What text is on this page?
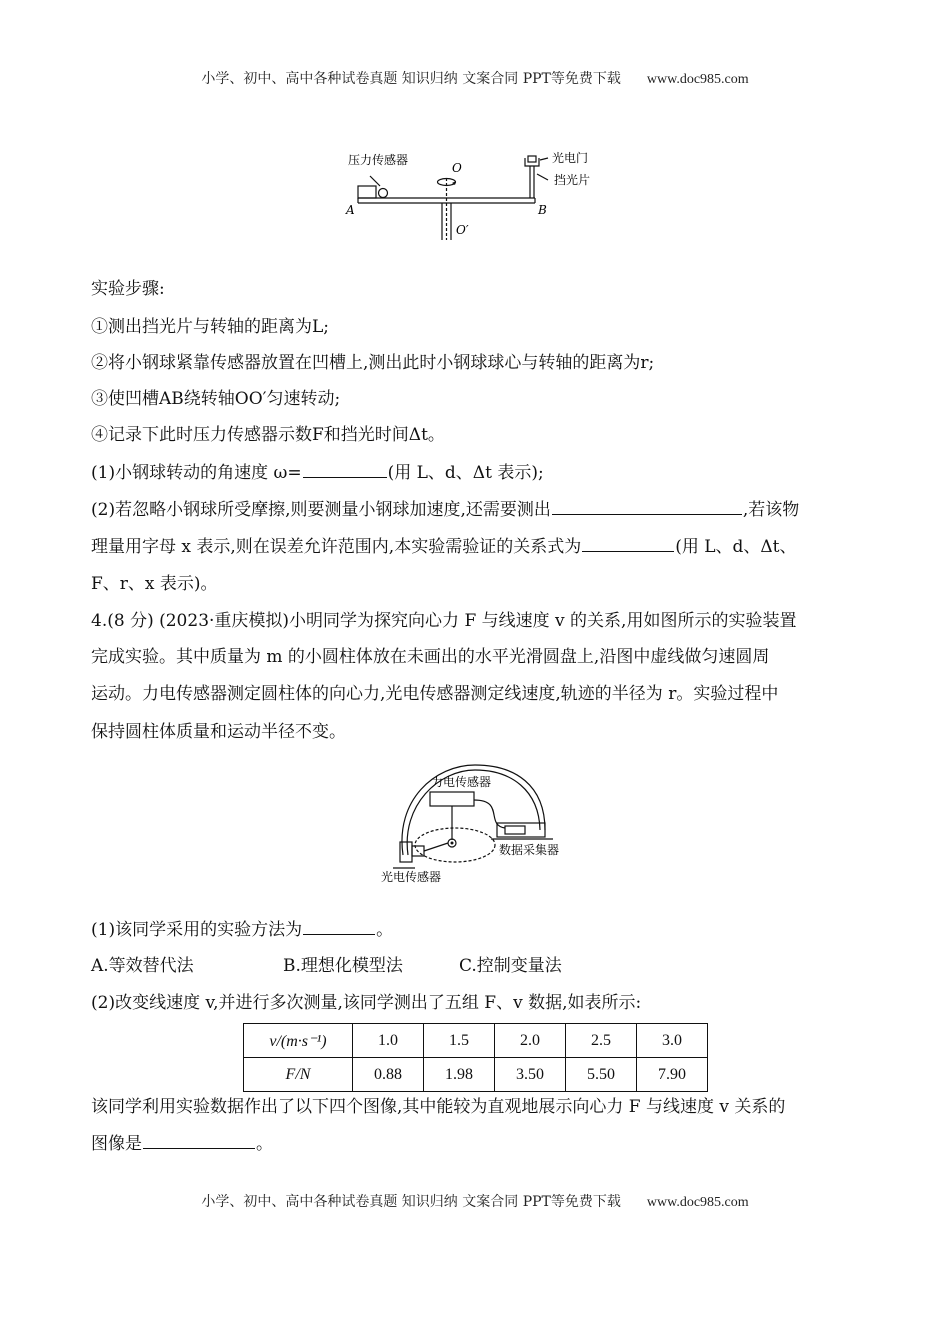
小学、初中、高中各种试卷真题 知识归纳 文案合同 PPT等免费下载 www.doc985.com
压力传感器	光电门
挡光片
O
O′
A	B
实验步骤:
①测出挡光片与转轴的距离为L;
②将小钢球紧靠传感器放置在凹槽上,测出此时小钢球球心与转轴的距离为r;
③使凹槽AB绕转轴OO′匀速转动;
④记录下此时压力传感器示数F和挡光时间Δt。
(1)小钢球转动的角速度 ω=	(用 L、d、Δt 表示);
(2)若忽略小钢球所受摩擦,则要测量小钢球加速度,还需要测出	,若该物
理量用字母 x 表示,则在误差允许范围内,本实验需验证的关系式为	(用 L、d、Δt、
F、r、x 表示)。
4.(8 分) (2023·重庆模拟)小明同学为探究向心力 F 与线速度 v 的关系,用如图所示的实验装置
完成实验。其中质量为 m 的小圆柱体放在未画出的水平光滑圆盘上,沿图中虚线做匀速圆周
运动。力电传感器测定圆柱体的向心力,光电传感器测定线速度,轨迹的半径为 r。实验过程中
保持圆柱体质量和运动半径不变。
力电传感器
数据采集器
光电传感器
(1)该同学采用的实验方法为	。
A.等效替代法	B.理想化模型法	C.控制变量法
(2)改变线速度 v,并进行多次测量,该同学测出了五组 F、v 数据,如表所示:
v/(m·s⁻¹)	1.0	1.5	2.0	2.5	3.0
F/N	0.88	1.98	3.50	5.50	7.90
该同学利用实验数据作出了以下四个图像,其中能较为直观地展示向心力 F 与线速度 v 关系的
图像是	。
小学、初中、高中各种试卷真题 知识归纳 文案合同 PPT等免费下载 www.doc985.com
